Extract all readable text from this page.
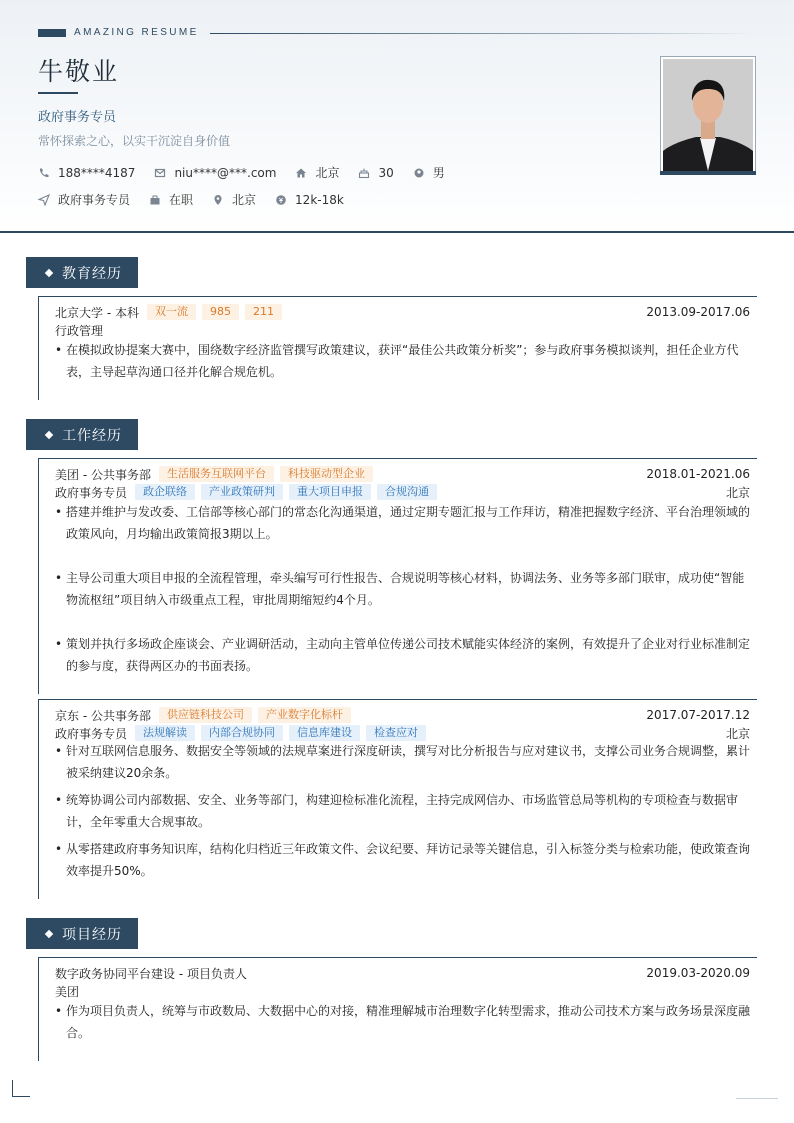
AMAZING RESUME
牛敬业
政府事务专员
常怀探索之心，以实干沉淀自身价值
188****4187	niu****@***.com	北京	30	男
政府事务专员	在职	北京	12k-18k
教育经历
北京大学 - 本科	双一流	985	211	2013.09-2017.06
行政管理
• 在模拟政协提案大赛中，围绕数字经济监管撰写政策建议，获评“最佳公共政策分析奖”；参与政府事务模拟谈判，担任企业方代
表，主导起草沟通口径并化解合规危机。
工作经历
美团 - 公共事务部	生活服务互联网平台	科技驱动型企业	2018.01-2021.06
政府事务专员	政企联络	产业政策研判	重大项目申报	合规沟通	北京
• 搭建并维护与发改委、工信部等核心部门的常态化沟通渠道，通过定期专题汇报与工作拜访，精准把握数字经济、平台治理领域的
政策风向，月均输出政策简报3期以上。
• 主导公司重大项目申报的全流程管理，牵头编写可行性报告、合规说明等核心材料，协调法务、业务等多部门联审，成功使“智能
物流枢纽”项目纳入市级重点工程，审批周期缩短约4个月。
• 策划并执行多场政企座谈会、产业调研活动，主动向主管单位传递公司技术赋能实体经济的案例，有效提升了企业对行业标准制定
的参与度，获得两区办的书面表扬。
京东 - 公共事务部	供应链科技公司	产业数字化标杆	2017.07-2017.12
政府事务专员	法规解读	内部合规协同	信息库建设	检查应对	北京
• 针对互联网信息服务、数据安全等领域的法规草案进行深度研读，撰写对比分析报告与应对建议书，支撑公司业务合规调整，累计
被采纳建议20余条。
• 统筹协调公司内部数据、安全、业务等部门，构建迎检标准化流程，主持完成网信办、市场监管总局等机构的专项检查与数据审
计，全年零重大合规事故。
• 从零搭建政府事务知识库，结构化归档近三年政策文件、会议纪要、拜访记录等关键信息，引入标签分类与检索功能，使政策查询
效率提升50%。
项目经历
数字政务协同平台建设 - 项目负责人	2019.03-2020.09
美团
• 作为项目负责人，统筹与市政数局、大数据中心的对接，精准理解城市治理数字化转型需求，推动公司技术方案与政务场景深度融
合。
